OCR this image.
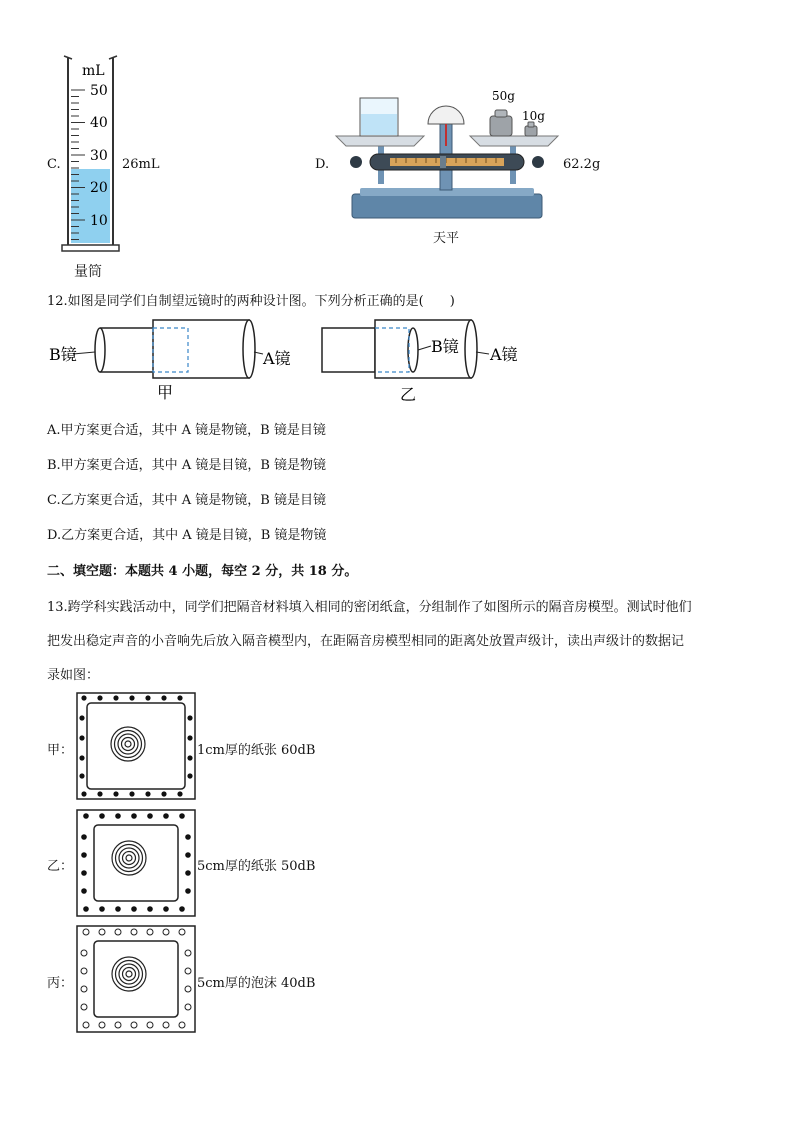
C.
mL
50
40
30
20
10
26mL
量筒
D.
50g
10g
62.2g
天平
12.如图是同学们自制望远镜时的两种设计图。下列分析正确的是(　　)
B镜	A镜
甲
B镜 A镜
乙
A.甲方案更合适，其中 A 镜是物镜，B 镜是目镜
B.甲方案更合适，其中 A 镜是目镜，B 镜是物镜
C.乙方案更合适，其中 A 镜是物镜，B 镜是目镜
D.乙方案更合适，其中 A 镜是目镜，B 镜是物镜
二、填空题：本题共 4 小题，每空 2 分，共 18 分。
13.跨学科实践活动中，同学们把隔音材料填入相同的密闭纸盒，分组制作了如图所示的隔音房模型。测试时他们
把发出稳定声音的小音响先后放入隔音模型内，在距隔音房模型相同的距离处放置声级计，读出声级计的数据记
录如图：
甲：	1cm厚的纸张 60dB
乙：	5cm厚的纸张 50dB
丙：	5cm厚的泡沫 40dB
